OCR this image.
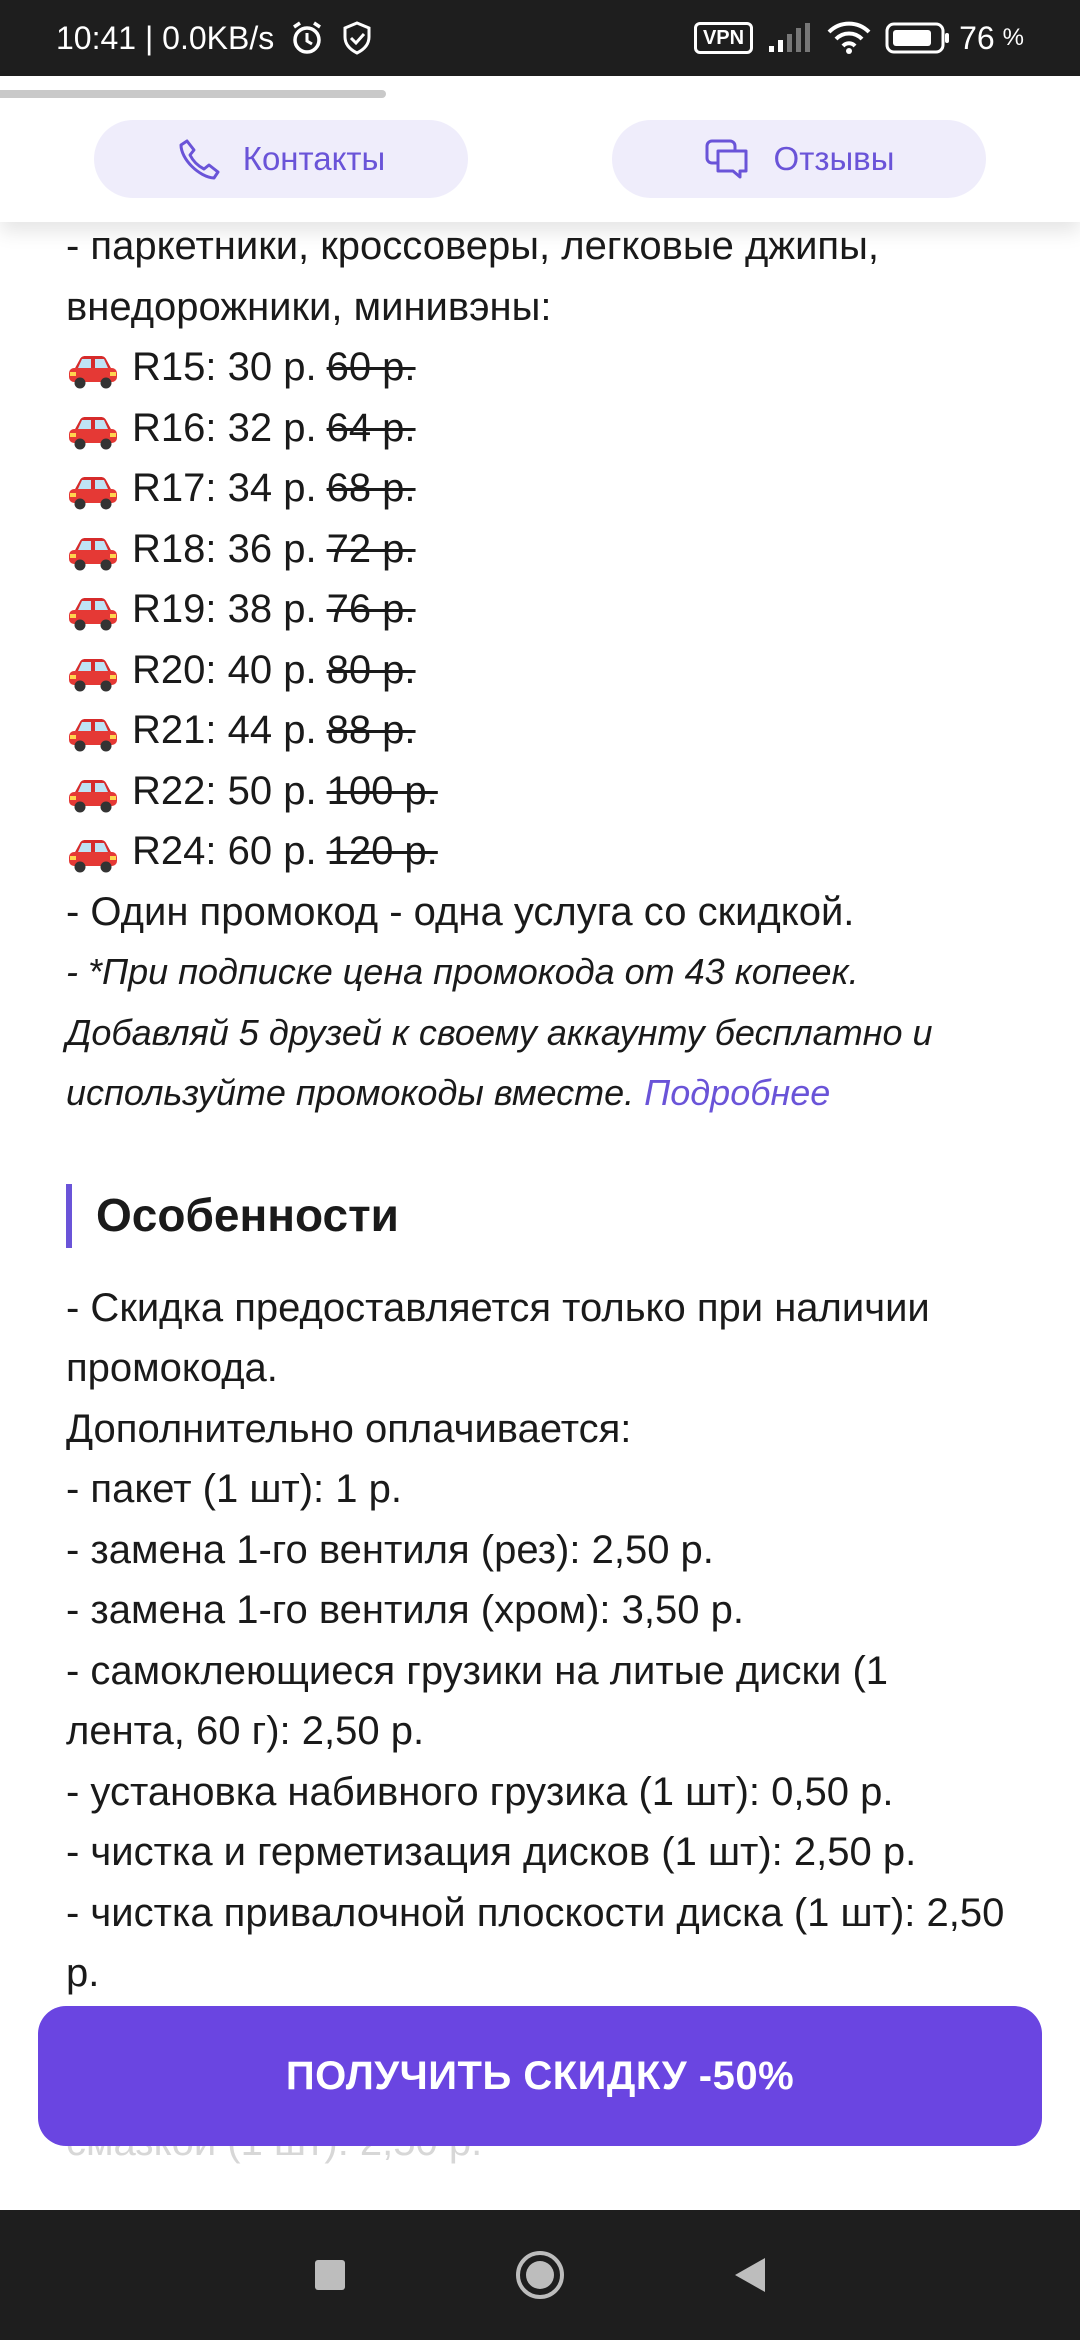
10:41 | 0.0KB/s	VPN	76 %
Контакты	Отзывы
- паркетники, кроссоверы, легковые джипы,
внедорожники, минивэны:
R15: 30 р. 60 р.
R16: 32 р. 64 р.
R17: 34 р. 68 р.
R18: 36 р. 72 р.
R19: 38 р. 76 р.
R20: 40 р. 80 р.
R21: 44 р. 88 р.
R22: 50 р. 100 р.
R24: 60 р. 120 р.
- Один промокод - одна услуга со скидкой.
- *При подписке цена промокода от 43 копеек.
Добавляй 5 друзей к своему аккаунту бесплатно и
используйте промокоды вместе.
Подробнее
Особенности
- Скидка предоставляется только при наличии промокода.
Дополнительно оплачивается:
- пакет (1 шт): 1 р.
- замена 1-го вентиля (рез): 2,50 р.
- замена 1-го вентиля (хром): 3,50 р.
- самоклеющиеся грузики на литые диски (1 лента, 60 г): 2,50 р.
- установка набивного грузика (1 шт): 0,50 р.
- чистка и герметизация дисков (1 шт): 2,50 р.
- чистка привалочной плоскости диска (1 шт): 2,50 р.
ПОЛУЧИТЬ СКИДКУ -50%
